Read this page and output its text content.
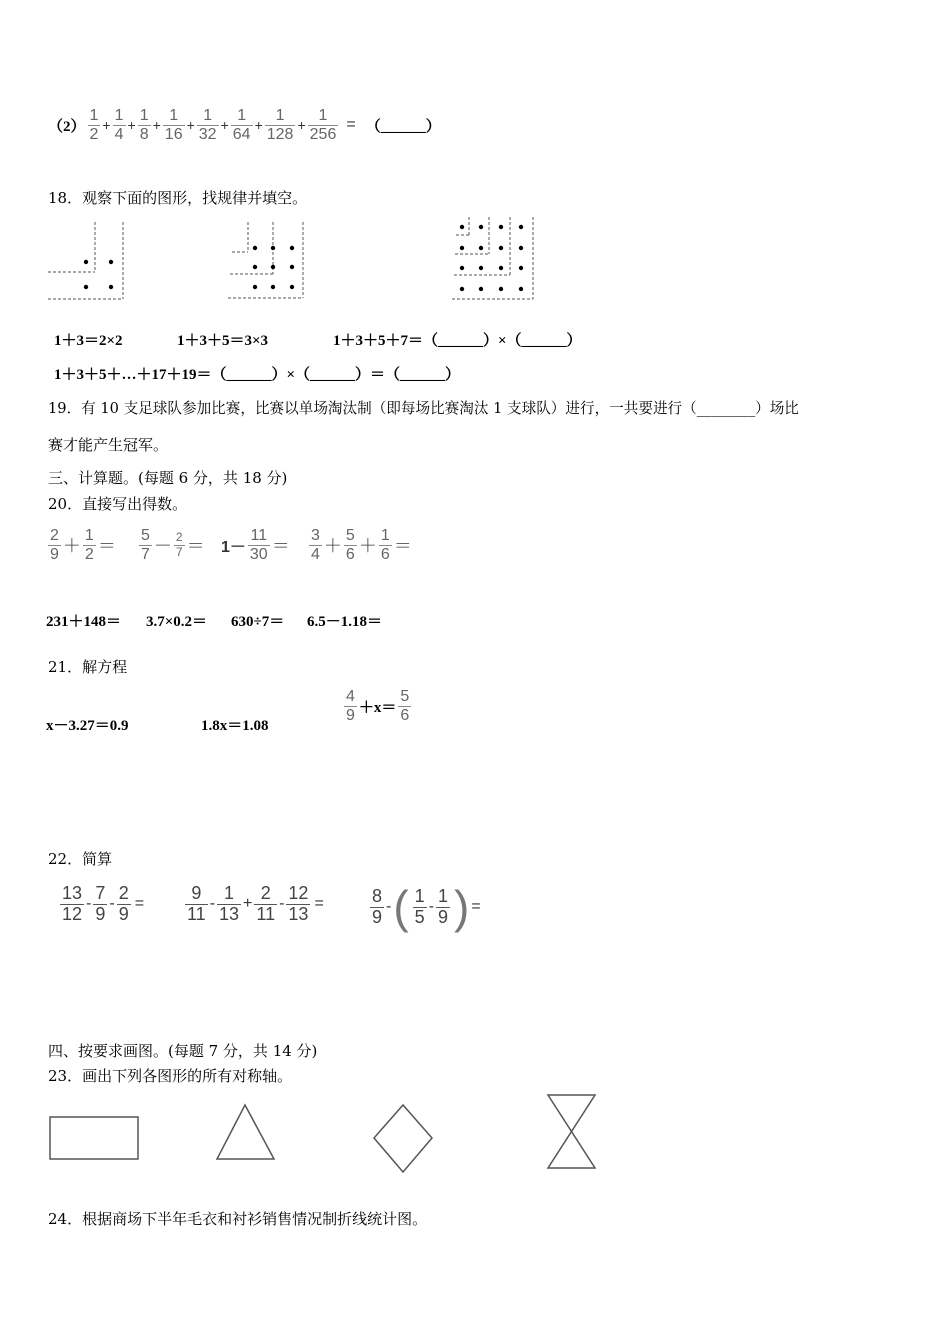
$(2) \frac{1}{2} + \frac{1}{4} + \frac{1}{8} + \frac{1}{16} + \frac{1}{32} + \frac{1}{64} + \frac{1}{128} + \frac{1}{256}$ = （______）
18．观察下面的图形，找规律并填空。
1＋3＝2×2	1＋3＋5＝3×3	1＋3＋5＋7＝（______）×（______）
1＋3＋5＋…＋17＋19＝（______）×（______）＝（______）
19．有 10 支足球队参加比赛，比赛以单场淘汰制（即每场比赛淘汰 1 支球队）进行，一共要进行（________）场比
赛才能产生冠军。
三、计算题。(每题 6 分，共 18 分)
20．直接写出得数。
$\frac{2}{9} + \frac{1}{2} = \frac{5}{7} - \frac{2}{7} = 1- \frac{11}{30} = \frac{3}{4} + \frac{5}{6} + \frac{1}{6}$ ＝
231＋148＝ 3.7×0.2＝ 630÷7＝ 6.5－1.18＝
21．解方程
x－3.27＝0.9	1.8x＝1.08
$\frac{4}{9} +x= \frac{5}{6}$
22．简算
$\frac{13}{12} - \frac{7}{9} - \frac{2}{9} = \frac{9}{11} - \frac{1}{13} + \frac{2}{11} - \frac{12}{13}$ =	$\frac{8}{9}$ - ( $\frac{1}{5} - \frac{1}{9}$ ) =
四、按要求画图。(每题 7 分，共 14 分)
23．画出下列各图形的所有对称轴。
24．根据商场下半年毛衣和衬衫销售情况制折线统计图。
